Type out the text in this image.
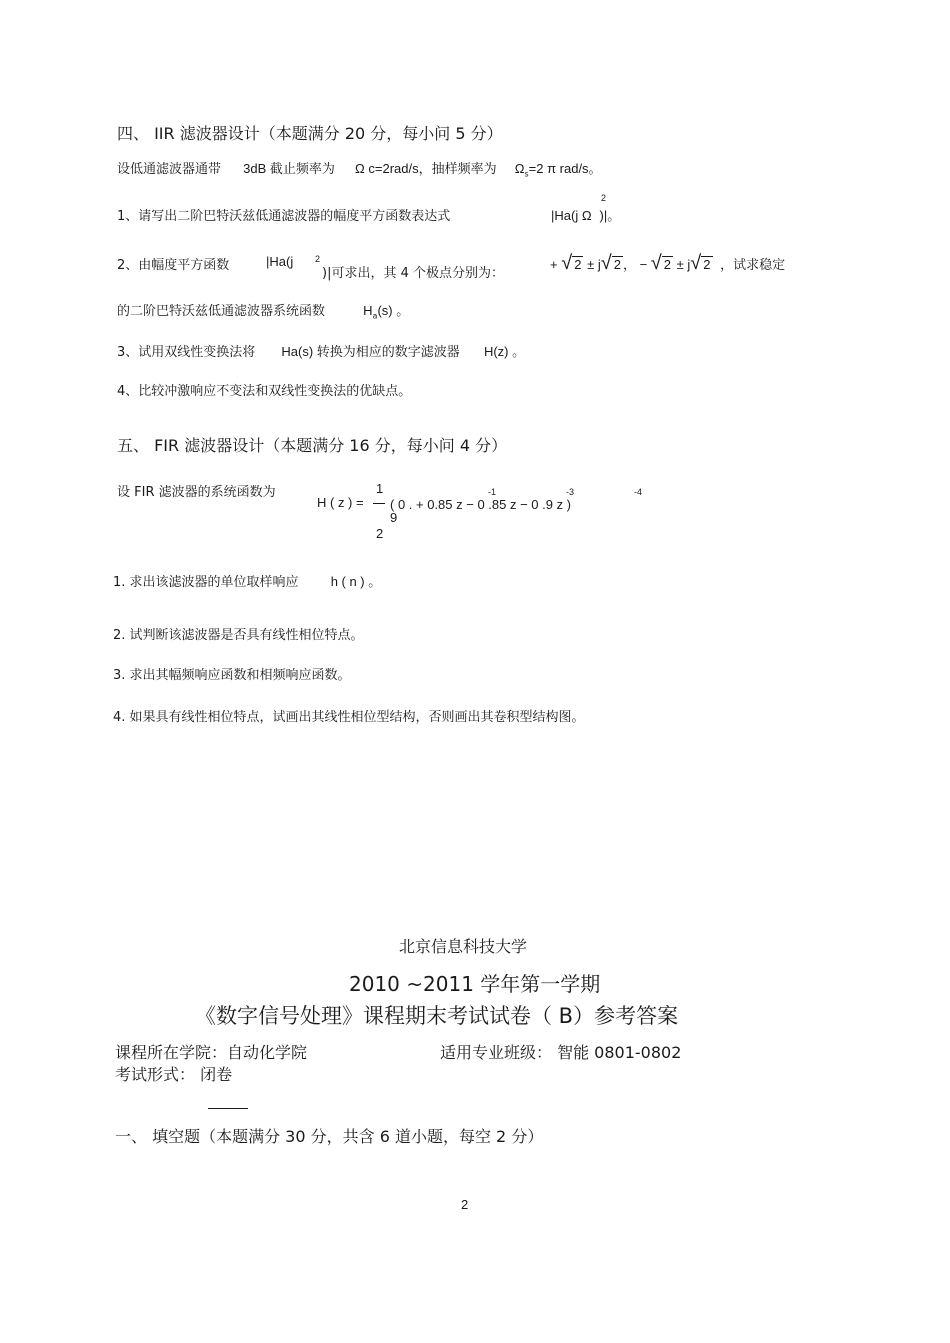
四、 IIR 滤波器设计（本题满分 20 分，每小问 5 分）
设低通滤波器通带 3dB 截止频率为 Ω c=2rad/s，抽样频率为 $\Omega_s=2$ π rad/s。
1、请写出二阶巴特沃兹低通滤波器的幅度平方函数表达式	|Ha(j Ω )|。
2
2、由幅度平方函数	|Ha(j 2
)|可求出，其 4 个极点分别为：
+ √ 2 ± j√ 2 ， − √ 2 ± j√ 2 ，试求稳定
的二阶巴特沃兹低通滤波器系统函数	$H_a(s)$ 。
3、试用双线性变换法将 Ha(s) 转换为相应的数字滤波器 H(z) 。
4、比较冲激响应不变法和双线性变换法的优缺点。
五、 FIR 滤波器设计（本题满分 16 分，每小问 4 分）
设 FIR 滤波器的系统函数为
H ( z ) =
1
9
2
( 0 . + 0.85 z − 0 .85 z − 0 .9 z )
-1	-3	-4
1. 求出该滤波器的单位取样响应 h ( n ) 。
2. 试判断该滤波器是否具有线性相位特点。
3. 求出其幅频响应函数和相频响应函数。
4. 如果具有线性相位特点，试画出其线性相位型结构，否则画出其卷积型结构图。
北京信息科技大学
2010 ~2011 学年第一学期
《数字信号处理》课程期末考试试卷（ B）参考答案
课程所在学院：自动化学院	适用专业班级： 智能 0801-0802
考试形式： 闭卷
一、 填空题（本题满分 30 分，共含 6 道小题，每空 2 分）
2
